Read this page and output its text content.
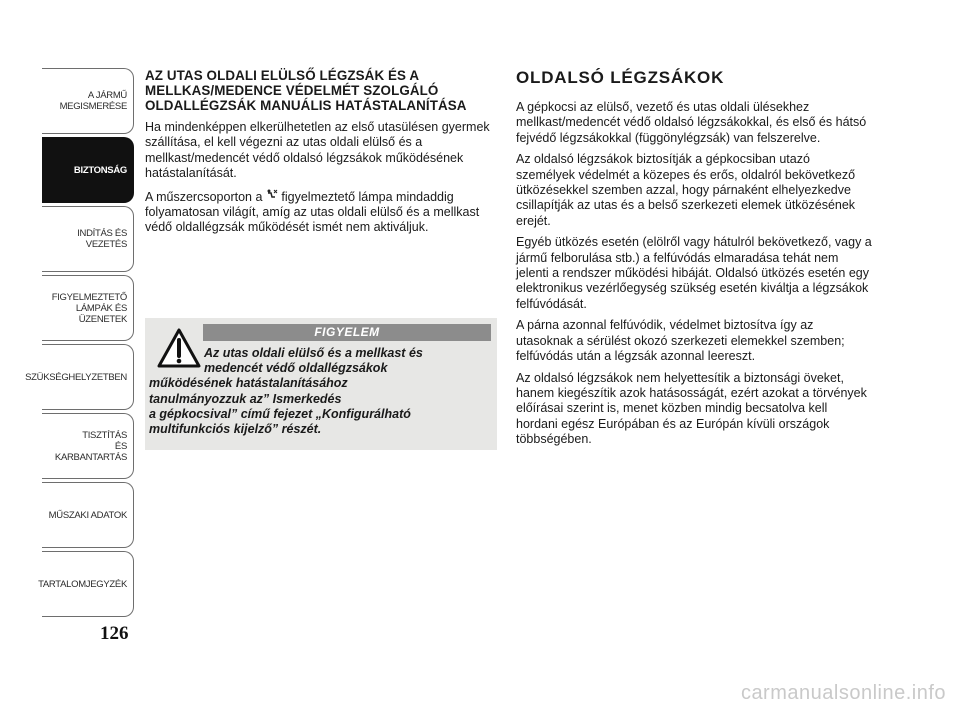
A JÁRMŰ
MEGISMERÉSE
BIZTONSÁG
INDÍTÁS ÉS VEZETÉS
FIGYELMEZTETŐ
LÁMPÁK ÉS
ÜZENETEK
SZÜKSÉGHELYZETBEN
TISZTÍTÁS
ÉS KARBANTARTÁS
MŰSZAKI ADATOK
TARTALOMJEGYZÉK
126
AZ UTAS OLDALI ELÜLSŐ LÉGZSÁK ÉS A MELLKAS/MEDENCE VÉDELMÉT SZOLGÁLÓ OLDALLÉGZSÁK MANUÁLIS HATÁSTALANÍTÁSA

Ha mindenképpen elkerülhetetlen az első utasülésen gyermek szállítása, el kell végezni az utas oldali elülső és a mellkast/medencét védő oldalsó légzsákok működésének hatástalanítását.

A műszercsoporton a figyelmeztető lámpa mindaddig folyamatosan világít, amíg az utas oldali elülső és a mellkast védő oldallégzsák működését ismét nem aktiváljuk.

FIGYELEM
Az utas oldali elülső és a mellkast és
medencét védő oldallégzsákok
működésének hatástalanításához
tanulmányozzuk az” Ismerkedés
a gépkocsival” című fejezet „Konfigurálható
multifunkciós kijelző” részét.
OLDALSÓ LÉGZSÁKOK

A gépkocsi az elülső, vezető és utas oldali ülésekhez mellkast/medencét védő oldalsó légzsákokkal, és első és hátsó fejvédő légzsákokkal (függönylégzsák) van felszerelve.

Az oldalsó légzsákok biztosítják a gépkocsiban utazó személyek védelmét a közepes és erős, oldalról bekövetkező ütközésekkel szemben azzal, hogy párnaként elhelyezkedve csillapítják az utas és a belső szerkezeti elemek ütközésének erejét.

Egyéb ütközés esetén (elölről vagy hátulról bekövetkező, vagy a jármű felborulása stb.) a felfúvódás elmaradása tehát nem jelenti a rendszer működési hibáját. Oldalsó ütközés esetén egy elektronikus vezérlőegység szükség esetén kiváltja a légzsákok felfúvódását.

A párna azonnal felfúvódik, védelmet biztosítva így az utasoknak a sérülést okozó szerkezeti elemekkel szemben; felfúvódás után a légzsák azonnal leereszt.

Az oldalsó légzsákok nem helyettesítik a biztonsági öveket, hanem kiegészítik azok hatásosságát, ezért azokat a törvények előírásai szerint is, menet közben mindig becsatolva kell hordani egész Európában és az Európán kívüli országok többségében.

carmanualsonline.info
